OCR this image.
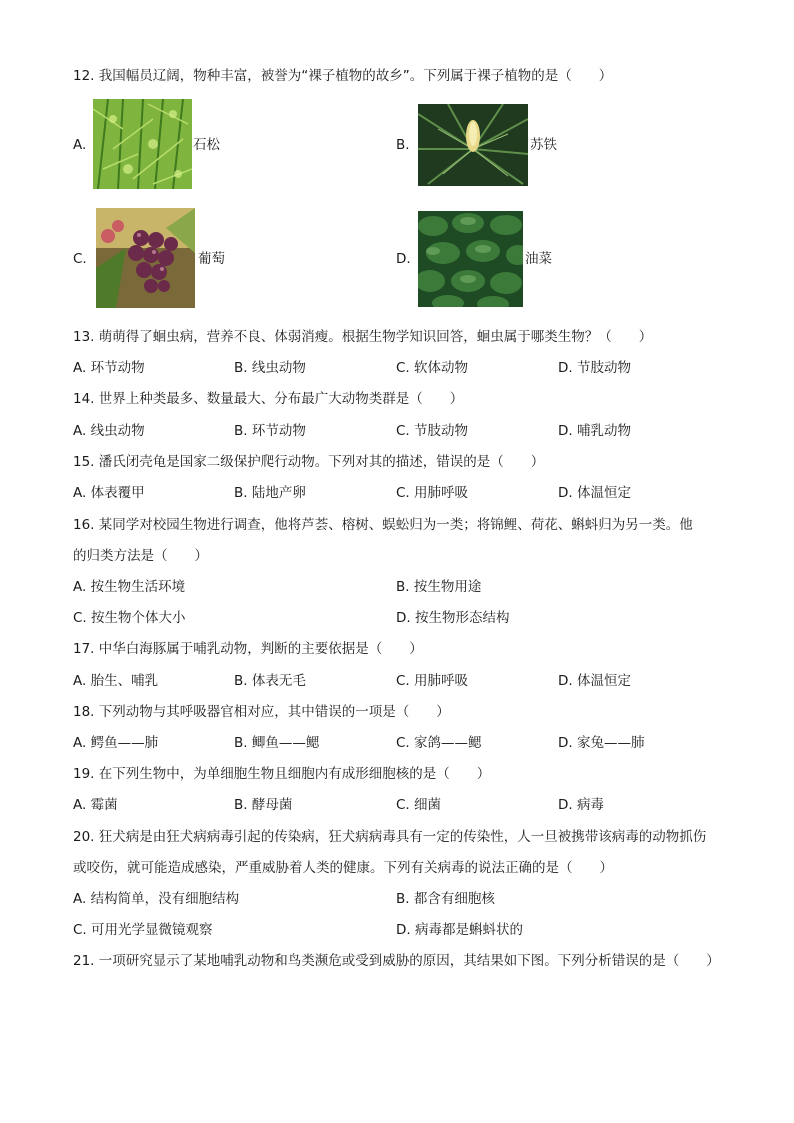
12. 我国幅员辽阔，物种丰富，被誉为“裸子植物的故乡”。下列属于裸子植物的是（　　）
A.	石松	B.	苏铁
C.	葡萄	D.	油菜
13. 萌萌得了蛔虫病，营养不良、体弱消瘦。根据生物学知识回答，蛔虫属于哪类生物？（　　）
A. 环节动物	B. 线虫动物	C. 软体动物	D. 节肢动物
14. 世界上种类最多、数量最大、分布最广大动物类群是（　　）
A. 线虫动物	B. 环节动物	C. 节肢动物	D. 哺乳动物
15. 潘氏闭壳龟是国家二级保护爬行动物。下列对其的描述，错误的是（　　）
A. 体表覆甲	B. 陆地产卵	C. 用肺呼吸	D. 体温恒定
16. 某同学对校园生物进行调查，他将芦荟、榕树、蜈蚣归为一类；将锦鲤、荷花、蝌蚪归为另一类。他
的归类方法是（　　）
A. 按生物生活环境	B. 按生物用途
C. 按生物个体大小	D. 按生物形态结构
17. 中华白海豚属于哺乳动物，判断的主要依据是（　　）
A. 胎生、哺乳	B. 体表无毛	C. 用肺呼吸	D. 体温恒定
18. 下列动物与其呼吸器官相对应，其中错误的一项是（　　）
A. 鳄鱼——肺	B. 鲫鱼——鳃	C. 家鸽——鳃	D. 家兔——肺
19. 在下列生物中，为单细胞生物且细胞内有成形细胞核的是（　　）
A. 霉菌	B. 酵母菌	C. 细菌	D. 病毒
20. 狂犬病是由狂犬病病毒引起的传染病，狂犬病病毒具有一定的传染性，人一旦被携带该病毒的动物抓伤
或咬伤，就可能造成感染，严重威胁着人类的健康。下列有关病毒的说法正确的是（　　）
A. 结构简单，没有细胞结构	B. 都含有细胞核
C. 可用光学显微镜观察	D. 病毒都是蝌蚪状的
21. 一项研究显示了某地哺乳动物和鸟类濒危或受到威胁的原因，其结果如下图。下列分析错误的是（　　）
